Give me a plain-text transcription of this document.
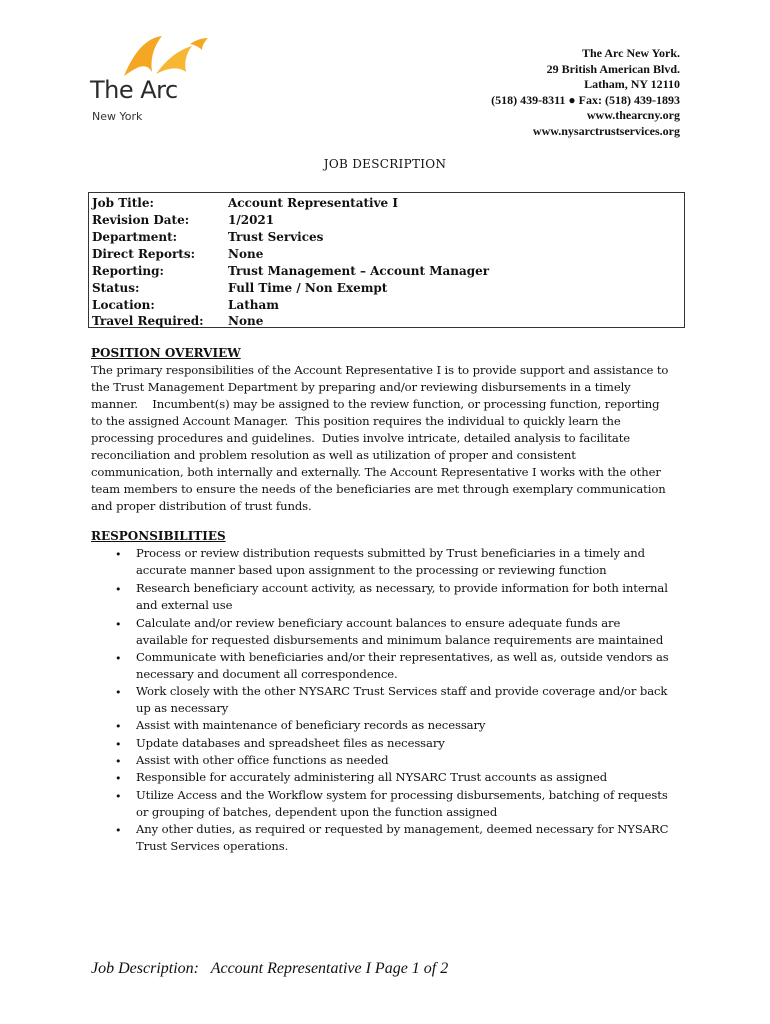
The Arc
New York
The Arc New York.
29 British American Blvd.
Latham, NY 12110
(518) 439-8311 ● Fax: (518) 439-1893
www.thearcny.org
www.nysarctrustservices.org
JOB DESCRIPTION
Job Title:	Account Representative I
Revision Date:	1/2021
Department:	Trust Services
Direct Reports:	None
Reporting:	Trust Management – Account Manager
Status:	Full Time / Non Exempt
Location:	Latham
Travel Required: None
POSITION OVERVIEW
The primary responsibilities of the Account Representative I is to provide support and assistance to
the Trust Management Department by preparing and/or reviewing disbursements in a timely
manner.    Incumbent(s) may be assigned to the review function, or processing function, reporting
to the assigned Account Manager.  This position requires the individual to quickly learn the
processing procedures and guidelines.  Duties involve intricate, detailed analysis to facilitate
reconciliation and problem resolution as well as utilization of proper and consistent
communication, both internally and externally. The Account Representative I works with the other
team members to ensure the needs of the beneficiaries are met through exemplary communication
and proper distribution of trust funds.
RESPONSIBILITIES
• Process or review distribution requests submitted by Trust beneficiaries in a timely and
accurate manner based upon assignment to the processing or reviewing function
• Research beneficiary account activity, as necessary, to provide information for both internal
and external use
• Calculate and/or review beneficiary account balances to ensure adequate funds are
available for requested disbursements and minimum balance requirements are maintained
• Communicate with beneficiaries and/or their representatives, as well as, outside vendors as
necessary and document all correspondence.
• Work closely with the other NYSARC Trust Services staff and provide coverage and/or back
up as necessary
• Assist with maintenance of beneficiary records as necessary
• Update databases and spreadsheet files as necessary
• Assist with other office functions as needed
• Responsible for accurately administering all NYSARC Trust accounts as assigned
• Utilize Access and the Workflow system for processing disbursements, batching of requests
or grouping of batches, dependent upon the function assigned
• Any other duties, as required or requested by management, deemed necessary for NYSARC
Trust Services operations.
Job Description:   Account Representative I Page 1 of 2
